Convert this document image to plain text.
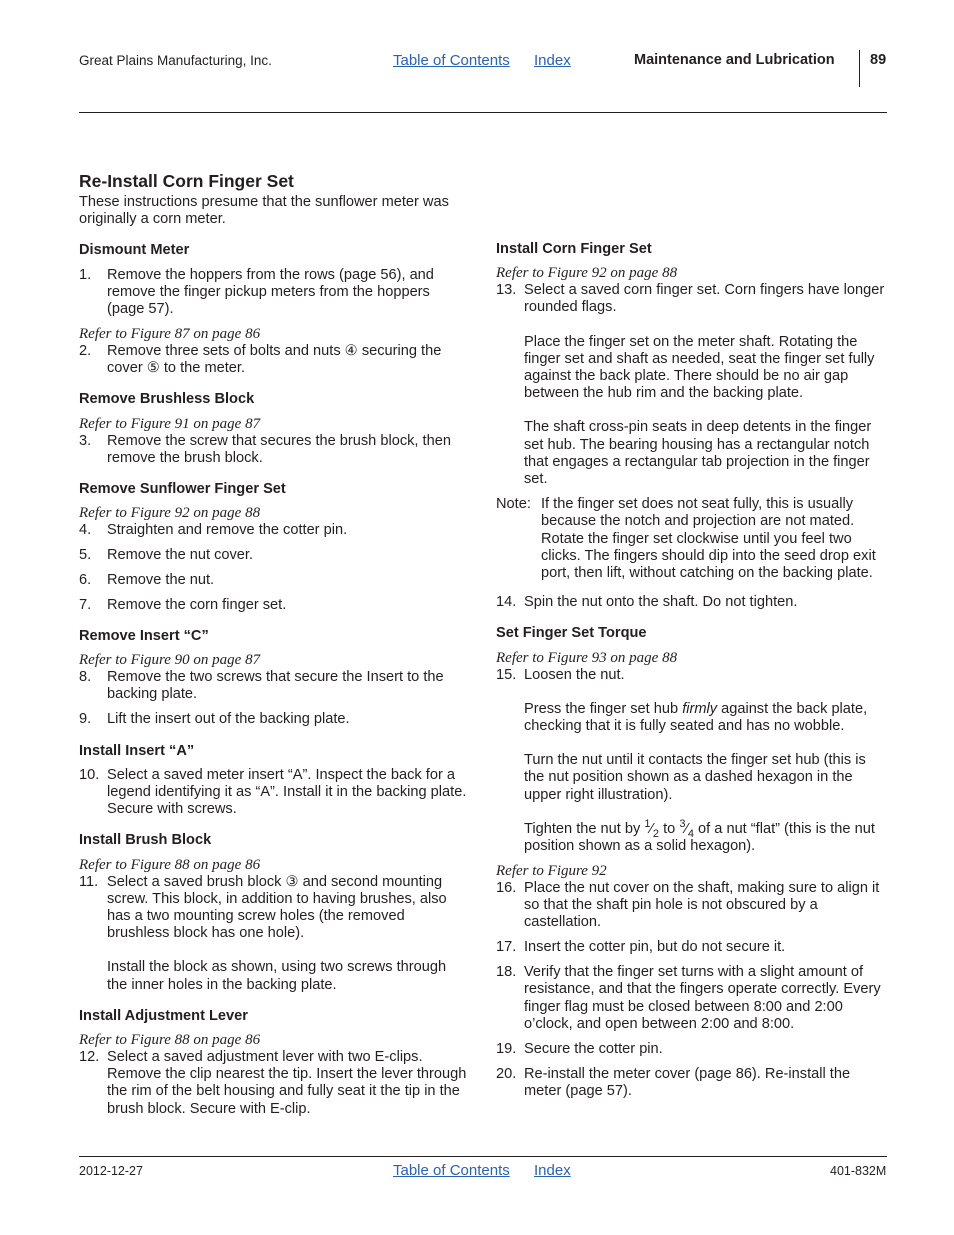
Great Plains Manufacturing, Inc.	Table of Contents Index	Maintenance and Lubrication 89
Re-Install Corn Finger Set
These instructions presume that the sunflower meter was originally a corn meter.
Dismount Meter
1.	Remove the hoppers from the rows (page 56), and remove the finger pickup meters from the hoppers (page 57).
Refer to Figure 87 on page 86
2.	Remove three sets of bolts and nuts ④ securing the cover ⑤ to the meter.
Remove Brushless Block
Refer to Figure 91 on page 87
3.	Remove the screw that secures the brush block, then remove the brush block.
Remove Sunflower Finger Set
Refer to Figure 92 on page 88
4.	Straighten and remove the cotter pin.
5.	Remove the nut cover.
6.	Remove the nut.
7.	Remove the corn finger set.
Remove Insert “C”
Refer to Figure 90 on page 87
8.	Remove the two screws that secure the Insert to the backing plate.
9.	Lift the insert out of the backing plate.
Install Insert “A”
10. Select a saved meter insert “A”. Inspect the back for a legend identifying it as “A”. Install it in the backing plate. Secure with screws.
Install Brush Block
Refer to Figure 88 on page 86
11. Select a saved brush block ③ and second mounting screw. This block, in addition to having brushes, also has a two mounting screw holes (the removed brushless block has one hole).
Install the block as shown, using two screws through the inner holes in the backing plate.
Install Adjustment Lever
Refer to Figure 88 on page 86
12. Select a saved adjustment lever with two E-clips. Remove the clip nearest the tip. Insert the lever through the rim of the belt housing and fully seat it the tip in the brush block. Secure with E-clip.
Install Corn Finger Set
Refer to Figure 92 on page 88
13. Select a saved corn finger set. Corn fingers have longer rounded flags.
Place the finger set on the meter shaft. Rotating the finger set and shaft as needed, seat the finger set fully against the back plate. There should be no air gap between the hub rim and the backing plate.
The shaft cross-pin seats in deep detents in the finger set hub. The bearing housing has a rectangular notch that engages a rectangular tab projection in the finger set.
Note: If the finger set does not seat fully, this is usually because the notch and projection are not mated. Rotate the finger set clockwise until you feel two clicks. The fingers should dip into the seed drop exit port, then lift, without catching on the backing plate.
14. Spin the nut onto the shaft. Do not tighten.
Set Finger Set Torque
Refer to Figure 93 on page 88
15. Loosen the nut.
Press the finger set hub firmly against the back plate, checking that it is fully seated and has no wobble.
Turn the nut until it contacts the finger set hub (this is the nut position shown as a dashed hexagon in the upper right illustration).
Tighten the nut by $^1⁄_2$ to $^3⁄_4$ of a nut “flat” (this is the nut position shown as a solid hexagon).
Refer to Figure 92
16. Place the nut cover on the shaft, making sure to align it so that the shaft pin hole is not obscured by a castellation.
17. Insert the cotter pin, but do not secure it.
18. Verify that the finger set turns with a slight amount of resistance, and that the fingers operate correctly. Every finger flag must be closed between 8:00 and 2:00 o’clock, and open between 2:00 and 8:00.
19. Secure the cotter pin.
20. Re-install the meter cover (page 86). Re-install the meter (page 57).
2012-12-27	Table of Contents Index	401-832M
